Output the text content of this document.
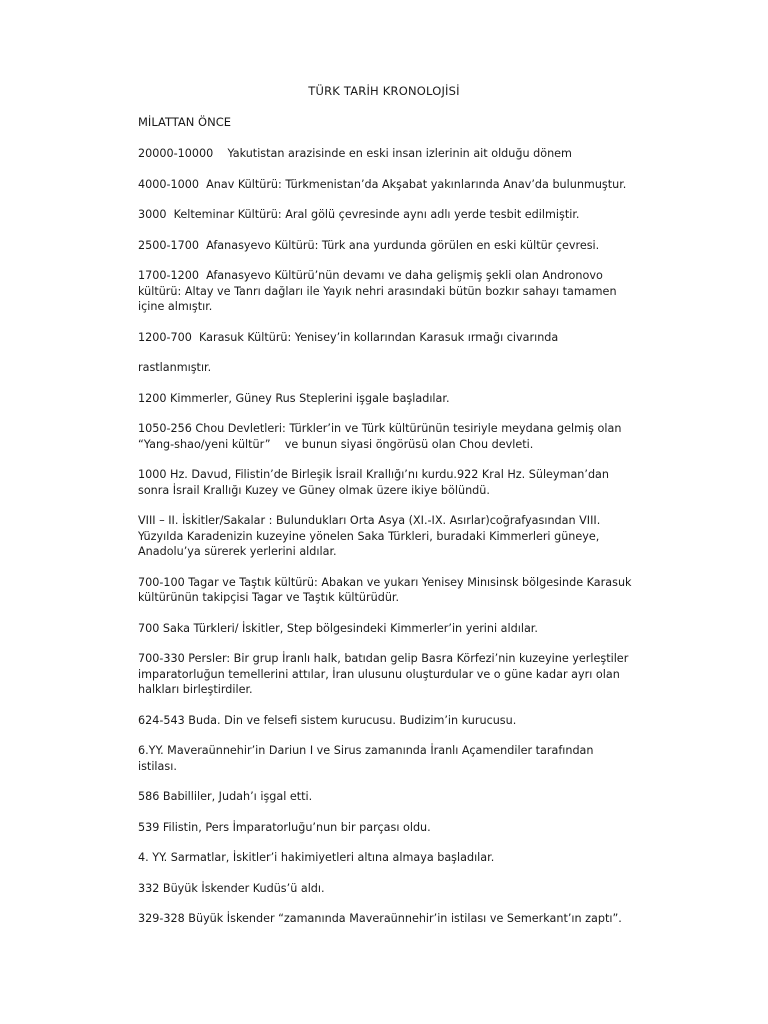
TÜRK TARİH KRONOLOJİSİ
MİLATTAN ÖNCE
20000-10000    Yakutistan arazisinde en eski insan izlerinin ait olduğu dönem
4000-1000  Anav Kültürü: Türkmenistan’da Akşabat yakınlarında Anav’da bulunmuştur.
3000  Kelteminar Kültürü: Aral gölü çevresinde aynı adlı yerde tesbit edilmiştir.
2500-1700  Afanasyevo Kültürü: Türk ana yurdunda görülen en eski kültür çevresi.
1700-1200  Afanasyevo Kültürü’nün devamı ve daha gelişmiş şekli olan Andronovo kültürü: Altay ve Tanrı dağları ile Yayık nehri arasındaki bütün bozkır sahayı tamamen içine almıştır.
1200-700  Karasuk Kültürü: Yenisey’in kollarından Karasuk ırmağı civarında
rastlanmıştır.
1200 Kimmerler, Güney Rus Steplerini işgale başladılar.
1050-256 Chou Devletleri: Türkler’in ve Türk kültürünün tesiriyle meydana gelmiş olan “Yang-shao/yeni kültür”    ve bunun siyasi öngörüsü olan Chou devleti.
1000 Hz. Davud, Filistin’de Birleşik İsrail Krallığı’nı kurdu.922 Kral Hz. Süleyman’dan sonra İsrail Krallığı Kuzey ve Güney olmak üzere ikiye bölündü.
VIII – II. İskitler/Sakalar : Bulundukları Orta Asya (XI.-IX. Asırlar)coğrafyasından VIII. Yüzyılda Karadenizin kuzeyine yönelen Saka Türkleri, buradaki Kimmerleri güneye, Anadolu’ya sürerek yerlerini aldılar.
700-100 Tagar ve Taştık kültürü: Abakan ve yukarı Yenisey Minısinsk bölgesinde Karasuk kültürünün takipçisi Tagar ve Taştık kültürüdür.
700 Saka Türkleri/ İskitler, Step bölgesindeki Kimmerler’in yerini aldılar.
700-330 Persler: Bir grup İranlı halk, batıdan gelip Basra Körfezi’nin kuzeyine yerleştiler imparatorluğun temellerini attılar, İran ulusunu oluşturdular ve o güne kadar ayrı olan halkları birleştirdiler.
624-543 Buda. Din ve felsefi sistem kurucusu. Budizim’in kurucusu.
6.YY. Maveraünnehir’in Dariun I ve Sirus zamanında İranlı Açamendiler tarafından istilası.
586 Babilliler, Judah’ı işgal etti.
539 Filistin, Pers İmparatorluğu’nun bir parçası oldu.
4. YY. Sarmatlar, İskitler’i hakimiyetleri altına almaya başladılar.
332 Büyük İskender Kudüs’ü aldı.
329-328 Büyük İskender “zamanında Maveraünnehir’in istilası ve Semerkant’ın zaptı”.
